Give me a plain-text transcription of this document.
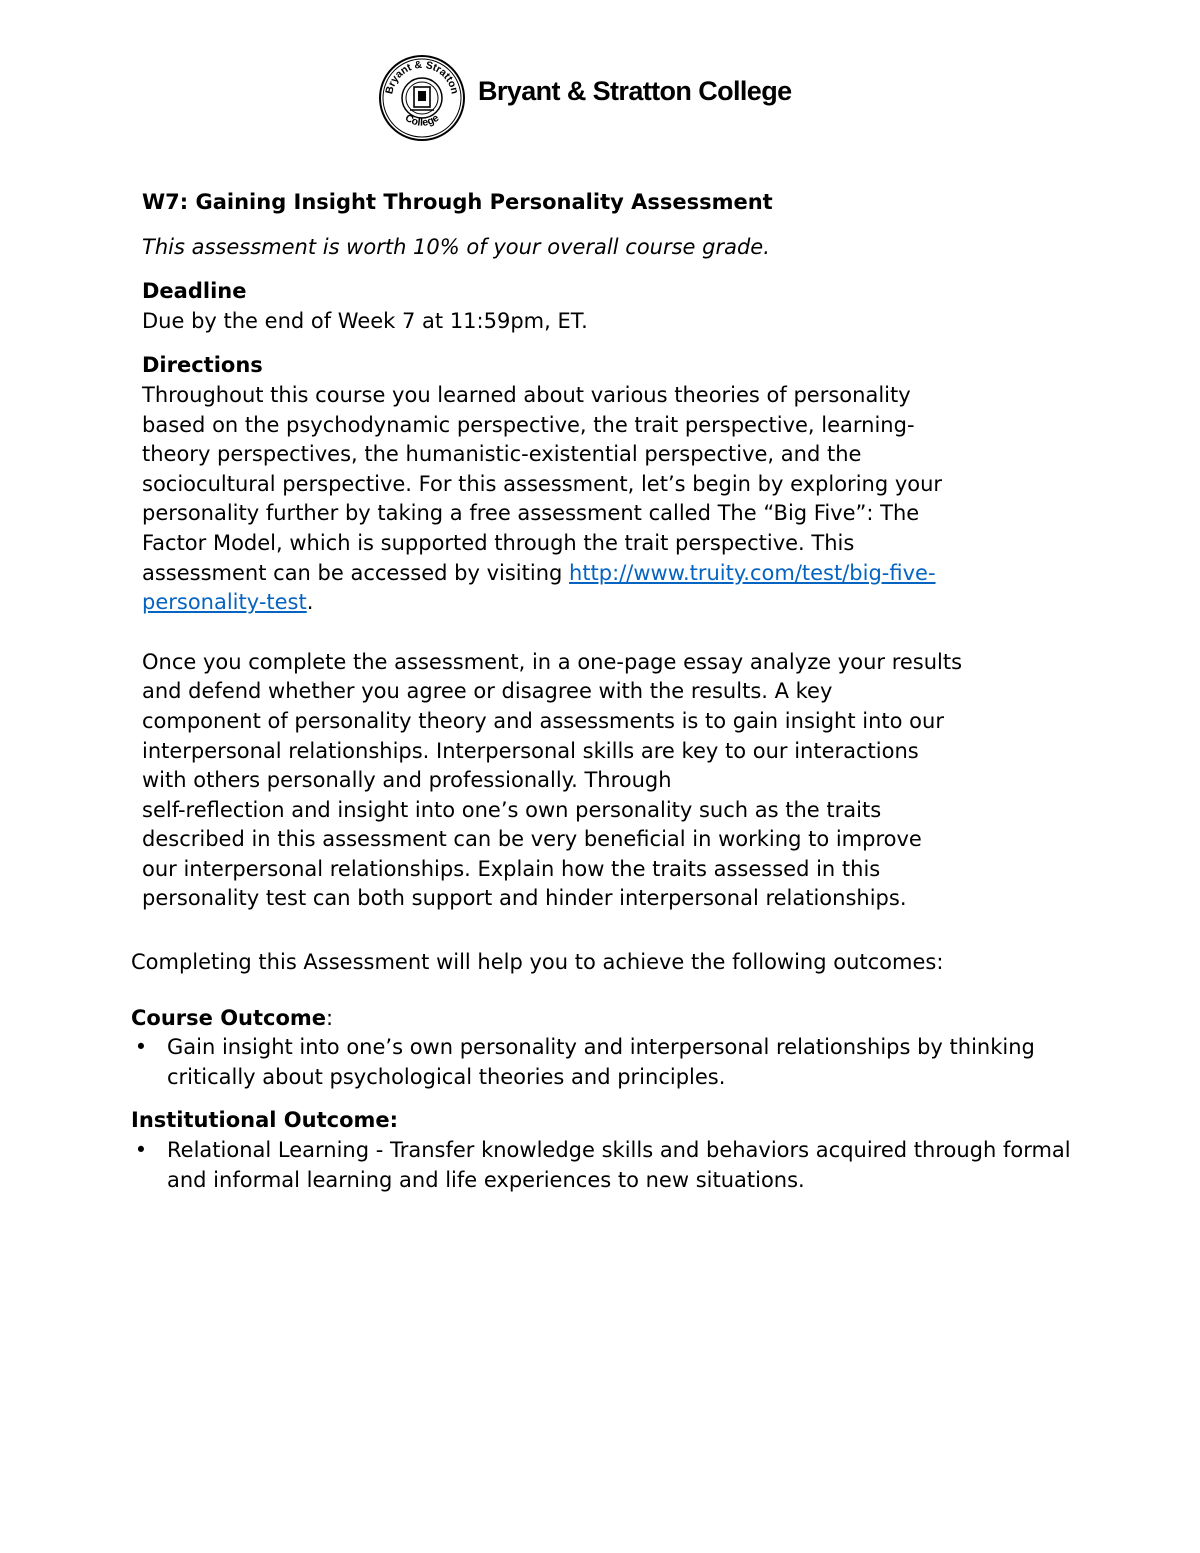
Bryant & Stratton
College
Bryant & Stratton College

W7: Gaining Insight Through Personality Assessment

This assessment is worth 10% of your overall course grade.

Deadline

Due by the end of Week 7 at 11:59pm, ET.

Directions

Throughout this course you learned about various theories of personality
based on the psychodynamic perspective, the trait perspective, learning-
theory perspectives, the humanistic-existential perspective, and the
sociocultural perspective. For this assessment, let’s begin by exploring your
personality further by taking a free assessment called The “Big Five”: The
Factor Model, which is supported through the trait perspective. This
assessment can be accessed by visiting http://www.truity.com/test/big-five-
personality-test.
Once you complete the assessment, in a one-page essay analyze your results
and defend whether you agree or disagree with the results. A key
component of personality theory and assessments is to gain insight into our
interpersonal relationships. Interpersonal skills are key to our interactions
with others personally and professionally. Through
self-reflection and insight into one’s own personality such as the traits
described in this assessment can be very beneficial in working to improve
our interpersonal relationships. Explain how the traits assessed in this
personality test can both support and hinder interpersonal relationships.

Completing this Assessment will help you to achieve the following outcomes:

Course Outcome:

• Gain insight into one’s own personality and interpersonal relationships by thinking critically about psychological theories and principles.

Institutional Outcome:

• Relational Learning - Transfer knowledge skills and behaviors acquired through formal and informal learning and life experiences to new situations.
